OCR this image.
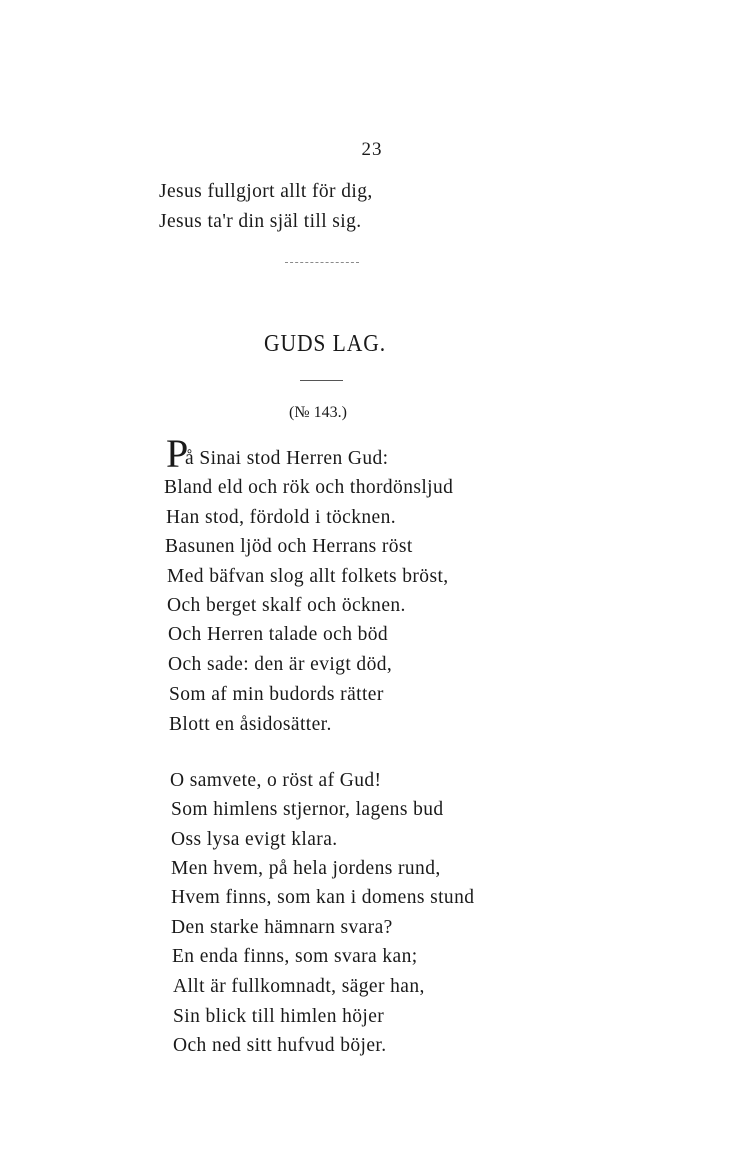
23
Jesus fullgjort allt för dig,
Jesus ta'r din själ till sig.
GUDS LAG.
(№ 143.)
P
å Sinai stod Herren Gud:
Bland eld och rök och thordönsljud
Han stod, fördold i töcknen.
Basunen ljöd och Herrans röst
Med bäfvan slog allt folkets bröst,
Och berget skalf och öcknen.
Och Herren talade och böd
Och sade: den är evigt död,
Som af min budords rätter
Blott en åsidosätter.
O samvete, o röst af Gud!
Som himlens stjernor, lagens bud
Oss lysa evigt klara.
Men hvem, på hela jordens rund,
Hvem finns, som kan i domens stund
Den starke hämnarn svara?
En enda finns, som svara kan;
Allt är fullkomnadt, säger han,
Sin blick till himlen höjer
Och ned sitt hufvud böjer.
